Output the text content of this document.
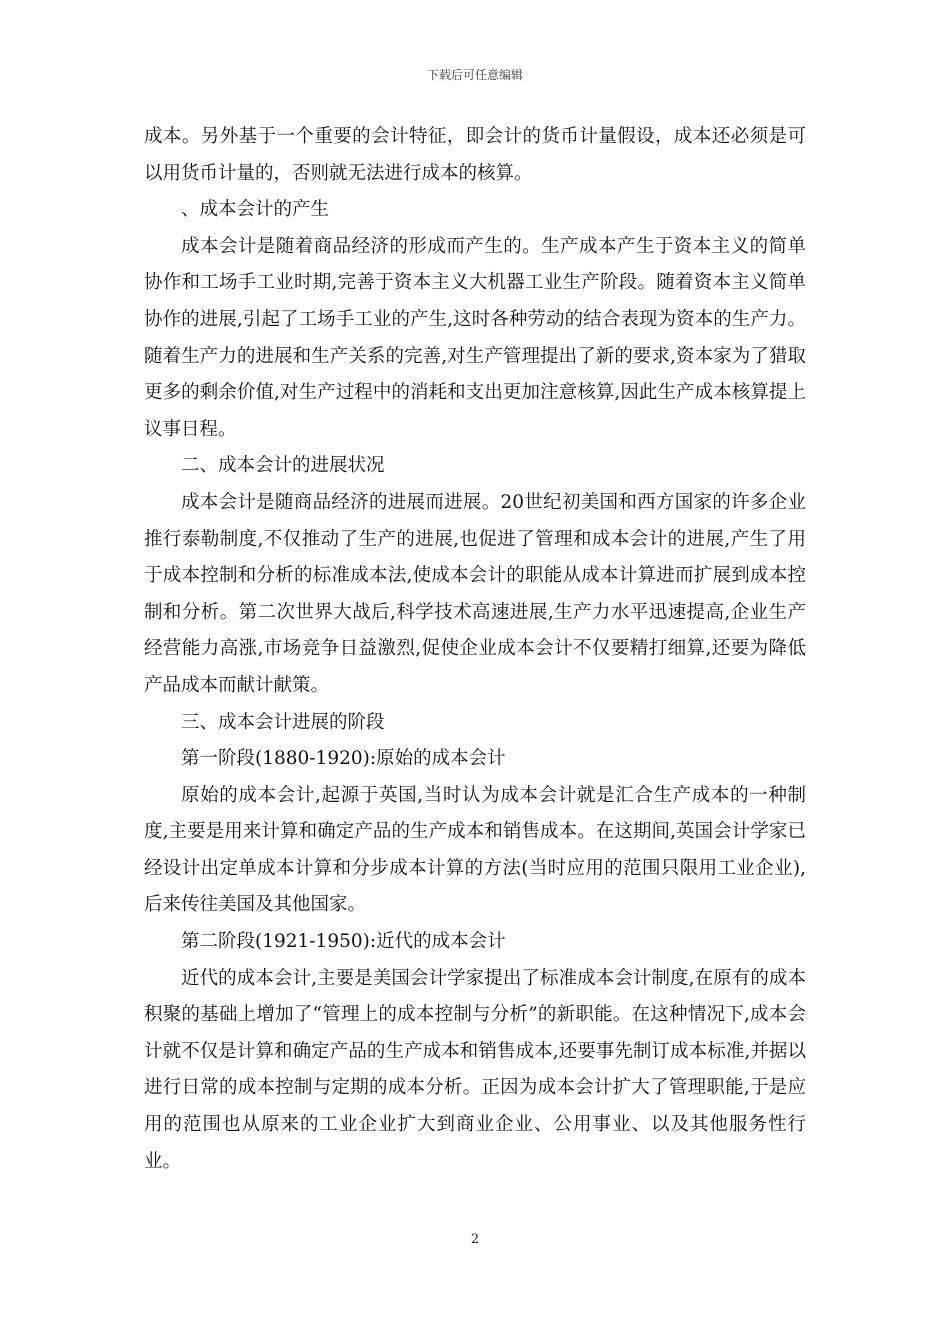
下载后可任意编辑

成本。另外基于一个重要的会计特征，即会计的货币计量假设，成本还必须是可以用货币计量的，否则就无法进行成本的核算。

、成本会计的产生

成本会计是随着商品经济的形成而产生的。生产成本产生于资本主义的简单协作和工场手工业时期,完善于资本主义大机器工业生产阶段。随着资本主义简单协作的进展,引起了工场手工业的产生,这时各种劳动的结合表现为资本的生产力。随着生产力的进展和生产关系的完善,对生产管理提出了新的要求,资本家为了猎取更多的剩余价值,对生产过程中的消耗和支出更加注意核算,因此生产成本核算提上议事日程。

二、成本会计的进展状况

成本会计是随商品经济的进展而进展。20世纪初美国和西方国家的许多企业推行泰勒制度,不仅推动了生产的进展,也促进了管理和成本会计的进展,产生了用于成本控制和分析的标准成本法,使成本会计的职能从成本计算进而扩展到成本控制和分析。第二次世界大战后,科学技术高速进展,生产力水平迅速提高,企业生产经营能力高涨,市场竞争日益激烈,促使企业成本会计不仅要精打细算,还要为降低产品成本而献计献策。

三、成本会计进展的阶段

第一阶段(1880-1920):原始的成本会计

原始的成本会计,起源于英国,当时认为成本会计就是汇合生产成本的一种制度,主要是用来计算和确定产品的生产成本和销售成本。在这期间,英国会计学家已经设计出定单成本计算和分步成本计算的方法(当时应用的范围只限用工业企业),后来传往美国及其他国家。

第二阶段(1921-1950):近代的成本会计

近代的成本会计,主要是美国会计学家提出了标准成本会计制度,在原有的成本积聚的基础上增加了“管理上的成本控制与分析”的新职能。在这种情况下,成本会计就不仅是计算和确定产品的生产成本和销售成本,还要事先制订成本标准,并据以进行日常的成本控制与定期的成本分析。正因为成本会计扩大了管理职能,于是应用的范围也从原来的工业企业扩大到商业企业、公用事业、以及其他服务性行业。

2
